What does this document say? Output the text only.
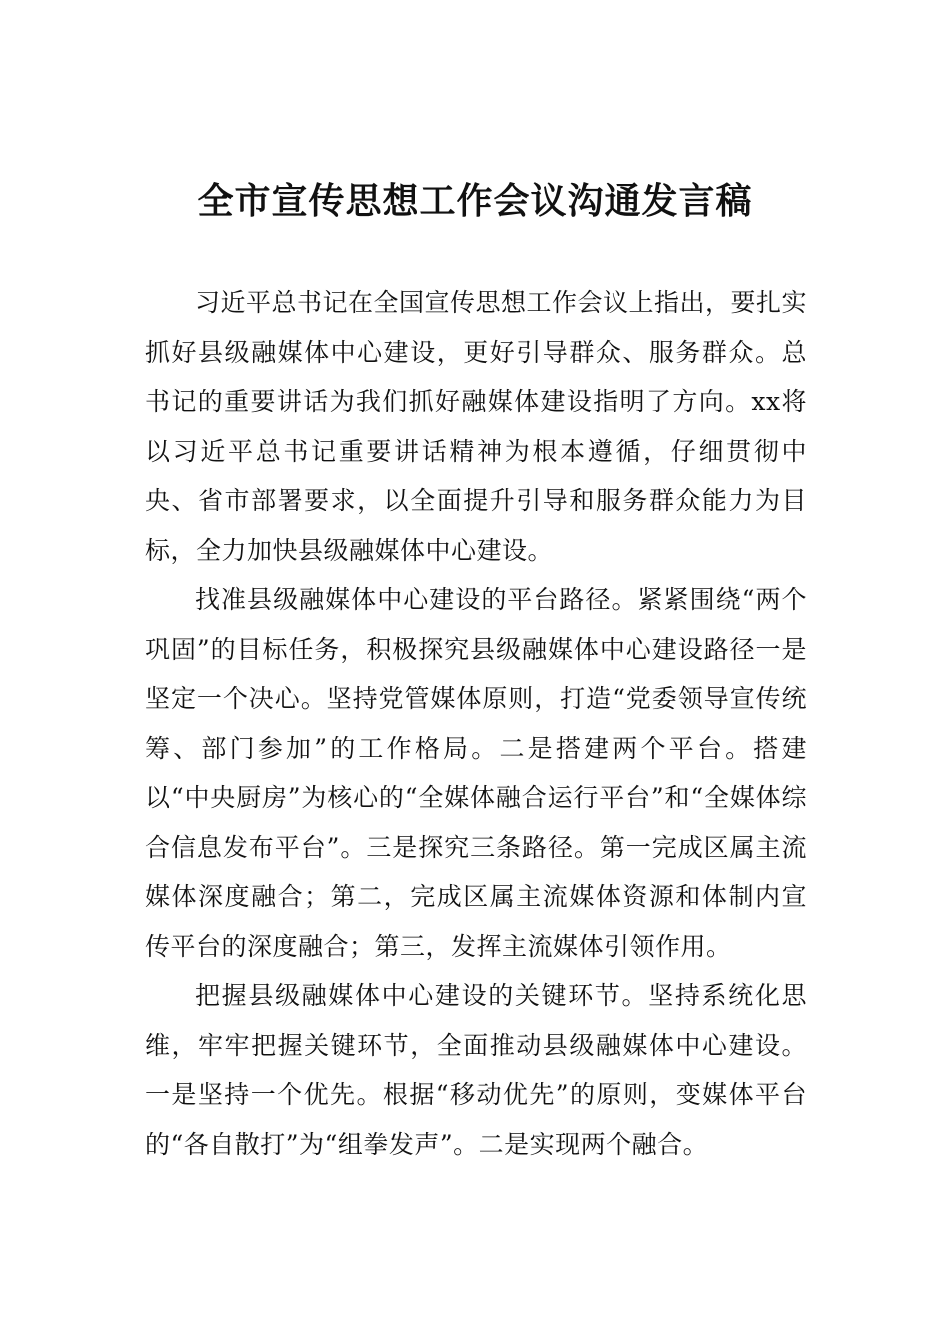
全市宣传思想工作会议沟通发言稿

习近平总书记在全国宣传思想工作会议上指出，要扎实抓好县级融媒体中心建设，更好引导群众、服务群众。总书记的重要讲话为我们抓好融媒体建设指明了方向。xx将以习近平总书记重要讲话精神为根本遵循，仔细贯彻中央、省市部署要求，以全面提升引导和服务群众能力为目标，全力加快县级融媒体中心建设。

找准县级融媒体中心建设的平台路径。紧紧围绕“两个巩固”的目标任务，积极探究县级融媒体中心建设路径一是坚定一个决心。坚持党管媒体原则，打造“党委领导宣传统筹、部门参加”的工作格局。二是搭建两个平台。搭建以“中央厨房”为核心的“全媒体融合运行平台”和“全媒体综合信息发布平台”。三是探究三条路径。第一完成区属主流媒体深度融合；第二，完成区属主流媒体资源和体制内宣传平台的深度融合；第三，发挥主流媒体引领作用。

把握县级融媒体中心建设的关键环节。坚持系统化思维，牢牢把握关键环节，全面推动县级融媒体中心建设。一是坚持一个优先。根据“移动优先”的原则，变媒体平台的“各自散打”为“组拳发声”。二是实现两个融合。
